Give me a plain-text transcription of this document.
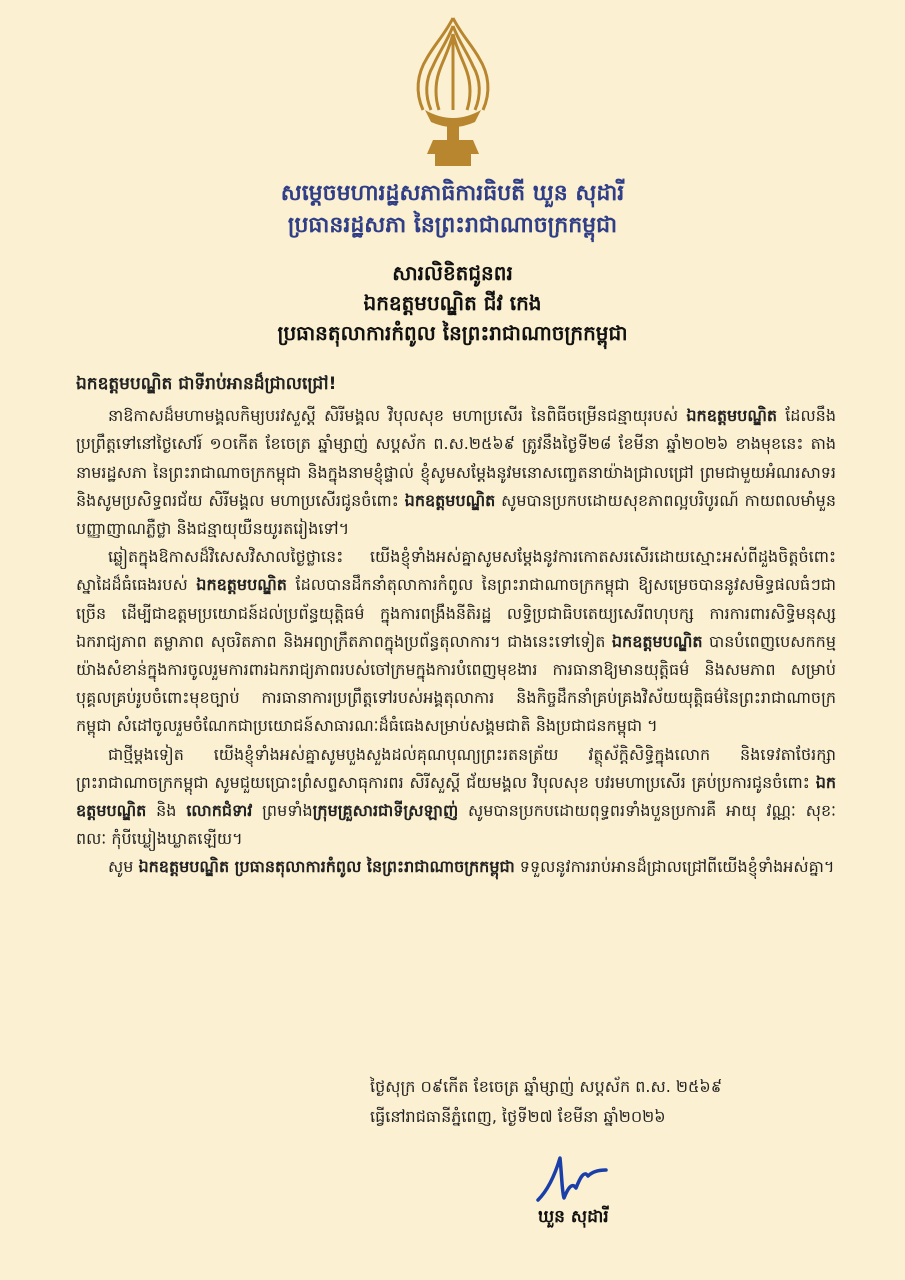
សម្តេចមហារដ្ឋសភាធិការធិបតី ឃួន សុដារី
ប្រធានរដ្ឋសភា នៃព្រះរាជាណាចក្រកម្ពុជា
សារលិខិតជូនពរ
ឯកឧត្តមបណ្ឌិត ជីវ កេង
ប្រធានតុលាការកំពូល នៃព្រះរាជាណាចក្រកម្ពុជា
ឯកឧត្តមបណ្ឌិត ជាទីរាប់អានដ៏ជ្រាលជ្រៅ!

នាឱកាសដ៏មហាមង្គលកិម្យបរវសួស្តី សិរីមង្គល វិបុលសុខ មហាប្រសើរ នៃពិធីចម្រើនជន្មាយុរបស់ ឯកឧត្តមបណ្ឌិត ដែលនឹងប្រព្រឹត្តទៅនៅថ្ងៃសៅរ៍ ១០កើត ខែចេត្រ ឆ្នាំម្សាញ់ សប្តស័ក ព.ស.២៥៦៩ ត្រូវនឹងថ្ងៃទី២៨ ខែមីនា ឆ្នាំ២០២៦ ខាងមុខនេះ តាងនាមរដ្ឋសភា នៃព្រះរាជាណាចក្រកម្ពុជា និងក្នុងនាមខ្ញុំផ្ទាល់ ខ្ញុំសូមសម្តែងនូវមនោសញ្ចេតនាយ៉ាងជ្រាលជ្រៅ ព្រមជាមួយអំណរសាទរ និងសូមប្រសិទ្ធពរជ័យ សិរីមង្គល មហាប្រសើរជូនចំពោះ ឯកឧត្តមបណ្ឌិត សូមបានប្រកបដោយសុខភាពល្អបរិបូរណ៍ កាយពលមាំមួន បញ្ញាញាណភ្លឺថ្លា និងជន្មាយុយឺនយូរតរៀងទៅ។

ឆ្លៀតក្នុងឱកាសដ៏វិសេសវិសាលថ្ងៃថ្លានេះ យើងខ្ញុំទាំងអស់គ្នាសូមសម្តែងនូវការកោតសរសើរដោយស្មោះអស់ពីដួងចិត្តចំពោះស្នាដៃដ៏ធំធេងរបស់ ឯកឧត្តមបណ្ឌិត ដែលបានដឹកនាំតុលាការកំពូល នៃព្រះរាជាណាចក្រកម្ពុជា ឱ្យសម្រេចបាននូវសមិទ្ធផលធំៗជាច្រើន ដើម្បីជាឧត្តមប្រយោជន៍ដល់ប្រព័ន្ធយុត្តិធម៌ ក្នុងការពង្រឹងនីតិរដ្ឋ លទ្ធិប្រជាធិបតេយ្យសេរីពហុបក្ស ការការពារសិទ្ធិមនុស្ស ឯករាជ្យភាព តម្លាភាព សុចរិតភាព និងអព្យាក្រឹតភាពក្នុងប្រព័ន្ធតុលាការ។ ជាងនេះទៅទៀត ឯកឧត្តមបណ្ឌិត បានបំពេញបេសកកម្មយ៉ាងសំខាន់ក្នុងការចូលរួមការពារឯករាជ្យភាពរបស់ចៅក្រមក្នុងការបំពេញមុខងារ ការធានាឱ្យមានយុត្តិធម៌ និងសមភាព សម្រាប់បុគ្គលគ្រប់រូបចំពោះមុខច្បាប់ ការធានាការប្រព្រឹត្តទៅរបស់អង្គតុលាការ និងកិច្ចដឹកនាំគ្រប់គ្រងវិស័យយុត្តិធម៌នៃព្រះរាជាណាចក្រកម្ពុជា សំដៅចូលរួមចំណែកជាប្រយោជន៍សាធារណៈដ៏ធំធេងសម្រាប់សង្គមជាតិ និងប្រជាជនកម្ពុជា ។

ជាថ្មីម្តងទៀត យើងខ្ញុំទាំងអស់គ្នាសូមបួងសួងដល់គុណបុណ្យព្រះរតនត្រ័យ វត្ថុស័ក្តិសិទ្ធិក្នុងលោក និងទេវតាថែរក្សាព្រះរាជាណាចក្រកម្ពុជា សូមជួយប្រោះព្រំសព្ទសាធុការពរ សិរីសួស្តី ជ័យមង្គល វិបុលសុខ បវរមហាប្រសើរ គ្រប់ប្រការជូនចំពោះ ឯកឧត្តមបណ្ឌិត និង លោកជំទាវ ព្រមទាំងក្រុមគ្រួសារជាទីស្រឡាញ់ សូមបានប្រកបដោយពុទ្ធពរទាំងបួនប្រការគឺ អាយុ វណ្ណៈ សុខៈ ពលៈ កុំបីឃ្លៀងឃ្លាតឡើយ។

សូម ឯកឧត្តមបណ្ឌិត ប្រធានតុលាការកំពូល នៃព្រះរាជាណាចក្រកម្ពុជា ទទួលនូវការរាប់អានដ៏ជ្រាលជ្រៅពីយើងខ្ញុំទាំងអស់គ្នា។

ថ្ងៃសុក្រ ០៩កើត ខែចេត្រ ឆ្នាំម្សាញ់ សប្តស័ក ព.ស. ២៥៦៩
ធ្វើនៅរាជធានីភ្នំពេញ, ថ្ងៃទី២៧ ខែមីនា ឆ្នាំ២០២៦
ឃួន សុដារី
